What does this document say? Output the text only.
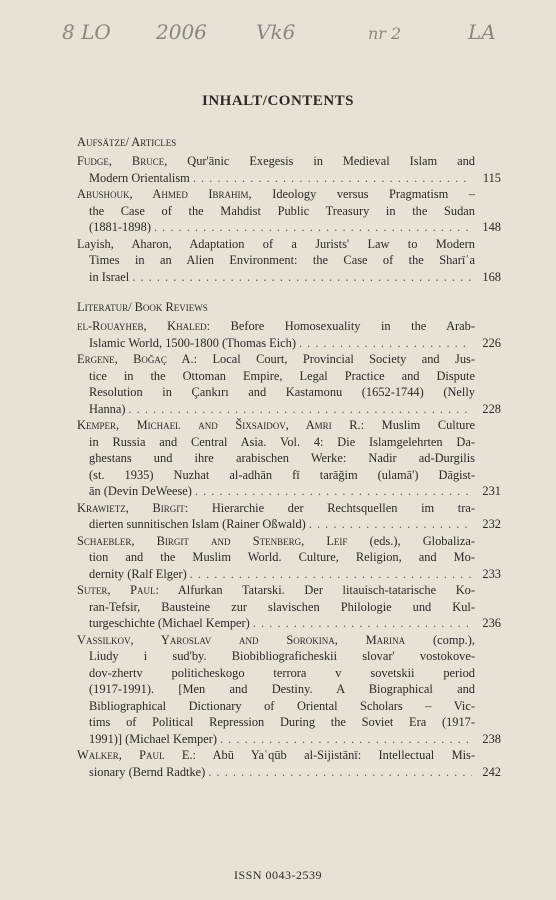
8 LO 2006 Vk6	nr 2	LA
INHALT/CONTENTS
Aufsätze/ Articles
Fudge, Bruce, Qur'ānic Exegesis in Medieval Islam and
Modern Orientalism . . .	115
Abushouk, Ahmed Ibrahim, Ideology versus Pragmatism –
the Case of the Mahdist Public Treasury in the Sudan
(1881-1898) . . .	148
Layish, Aharon, Adaptation of a Jurists' Law to Modern
Times in an Alien Environment: the Case of the Sharīʿa
in Israel . . .	168
Literatur/ Book Reviews
el-Rouayheb, Khaled: Before Homosexuality in the Arab-
Islamic World, 1500-1800 (Thomas Eich) . . .	226
Ergene, Boğaç A.: Local Court, Provincial Society and Jus-
tice in the Ottoman Empire, Legal Practice and Dispute
Resolution in Çankırı and Kastamonu (1652-1744) (Nelly
Hanna) . . .	228
Kemper, Michael and Šixsaidov, Amri R.: Muslim Culture
in Russia and Central Asia. Vol. 4: Die Islamgelehrten Da-
ghestans und ihre arabischen Werke: Nadir ad-Durgilis
(st. 1935) Nuzhat al-adhān fī tarāǧim (ulamā') Dāgist-
ān (Devin DeWeese) . . .	231
Krawietz, Birgit: Hierarchie der Rechtsquellen im tra-
dierten sunnitischen Islam (Rainer Oßwald) . . .	232
Schaebler, Birgit and Stenberg, Leif (eds.), Globaliza-
tion and the Muslim World. Culture, Religion, and Mo-
dernity (Ralf Elger) . . .	233
Suter, Paul: Alfurkan Tatarski. Der litauisch-tatarische Ko-
ran-Tefsir, Bausteine zur slavischen Philologie und Kul-
turgeschichte (Michael Kemper) . . .	236
Vassilkov, Yaroslav and Sorokina, Marina (comp.),
Liudy i sud'by. Biobibliograficheskii slovar' vostokove-
dov-zhertv politicheskogo terrora v sovetskii period
(1917-1991). [Men and Destiny. A Biographical and
Bibliographical Dictionary of Oriental Scholars – Vic-
tims of Political Repression During the Soviet Era (1917-
1991)] (Michael Kemper) . . .	238
Walker, Paul E.: Abū Yaʿqūb al-Sijistānī: Intellectual Mis-
sionary (Bernd Radtke) . . .	242
ISSN 0043-2539
